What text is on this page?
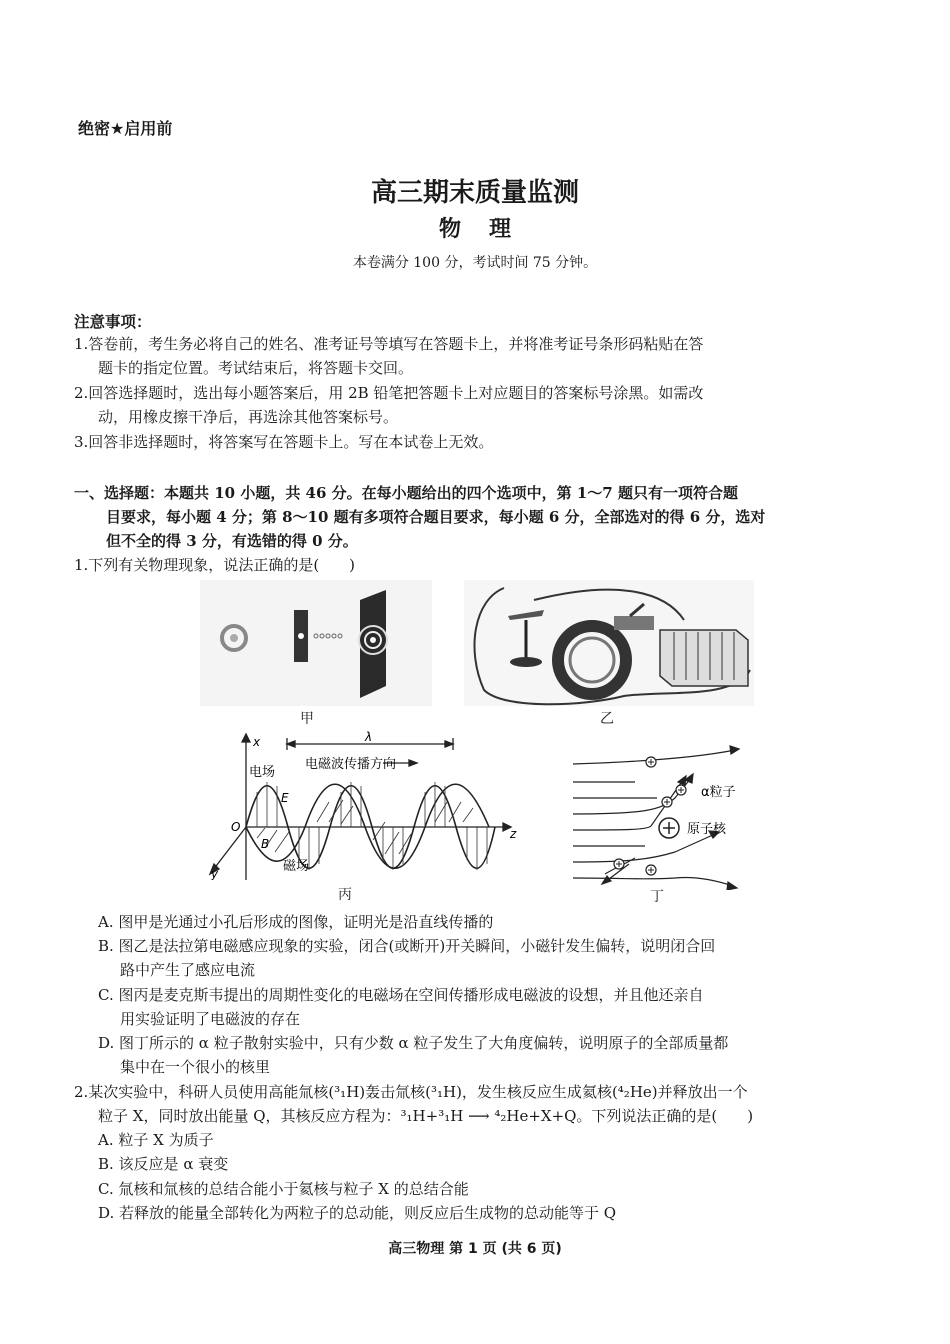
绝密★启用前
高三期末质量监测
物理
本卷满分 100 分，考试时间 75 分钟。
注意事项：
1.答卷前，考生务必将自己的姓名、准考证号等填写在答题卡上，并将准考证号条形码粘贴在答
题卡的指定位置。考试结束后，将答题卡交回。
2.回答选择题时，选出每小题答案后，用 2B 铅笔把答题卡上对应题目的答案标号涂黑。如需改
动，用橡皮擦干净后，再选涂其他答案标号。
3.回答非选择题时，将答案写在答题卡上。写在本试卷上无效。
一、选择题：本题共 10 小题，共 46 分。在每小题给出的四个选项中，第 1～7 题只有一项符合题
目要求，每小题 4 分；第 8～10 题有多项符合题目要求，每小题 6 分，全部选对的得 6 分，选对
但不全的得 3 分，有选错的得 0 分。
1.下列有关物理现象，说法正确的是(　　)
甲	乙
x
y
z
O
λ
电磁波传播方向
电场
磁场
E
B
丙
α粒子
原子核
丁
A. 图甲是光通过小孔后形成的图像，证明光是沿直线传播的
B. 图乙是法拉第电磁感应现象的实验，闭合(或断开)开关瞬间，小磁针发生偏转，说明闭合回
路中产生了感应电流
C. 图丙是麦克斯韦提出的周期性变化的电磁场在空间传播形成电磁波的设想，并且他还亲自
用实验证明了电磁波的存在
D. 图丁所示的 α 粒子散射实验中，只有少数 α 粒子发生了大角度偏转，说明原子的全部质量都
集中在一个很小的核里
2.某次实验中，科研人员使用高能氚核(³₁H)轰击氚核(³₁H)，发生核反应生成氦核(⁴₂He)并释放出一个
粒子 X，同时放出能量 Q，其核反应方程为：³₁H+³₁H ⟶ ⁴₂He+X+Q。下列说法正确的是(　　)
A. 粒子 X 为质子
B. 该反应是 α 衰变
C. 氚核和氚核的总结合能小于氦核与粒子 X 的总结合能
D. 若释放的能量全部转化为两粒子的总动能，则反应后生成物的总动能等于 Q
高三物理 第 1 页 (共 6 页)
